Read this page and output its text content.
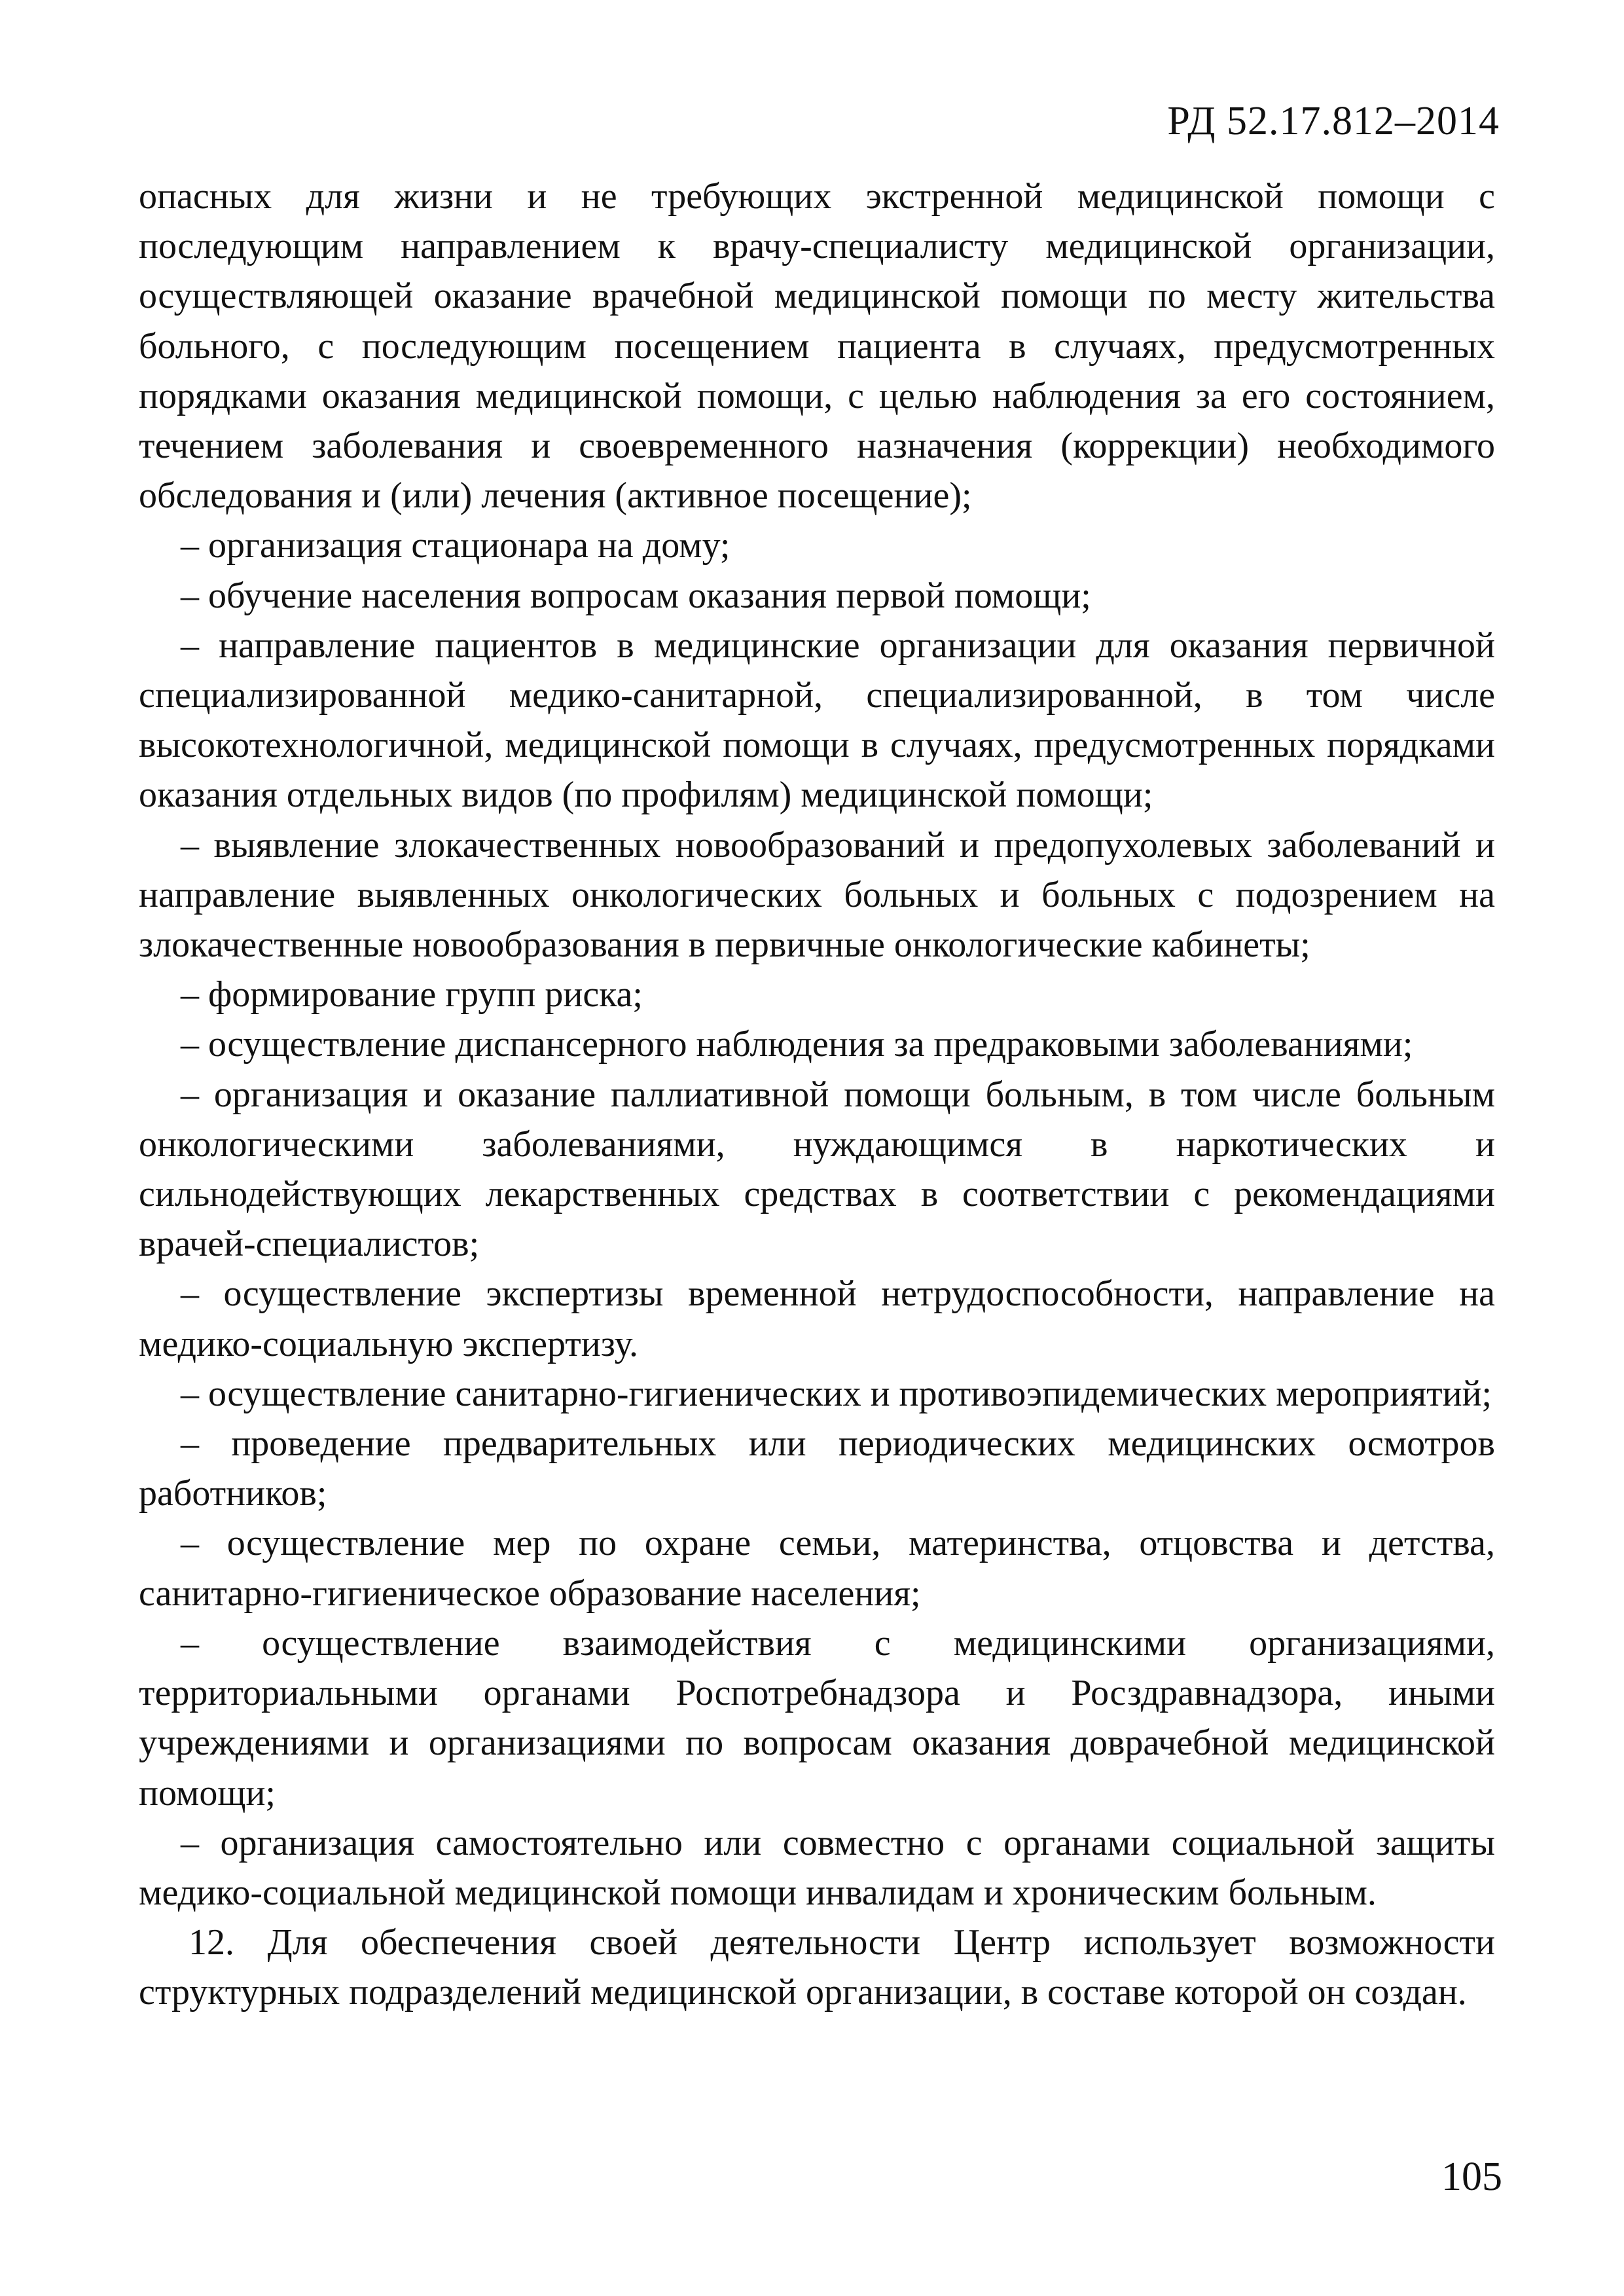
РД 52.17.812–2014

опасных для жизни и не требующих экстренной медицинской помощи с последующим направлением к врачу-специалисту медицинской организации, осуществляющей оказание врачебной медицинской помощи по месту жительства больного, с последующим посещением пациента в случаях, предусмотренных порядками оказания медицинской помощи, с целью наблюдения за его состоянием, течением заболевания и своевременного назначения (коррекции) необходимого обследования и (или) лечения (активное посещение);

– организация стационара на дому;

– обучение населения вопросам оказания первой помощи;

– направление пациентов в медицинские организации для оказания первичной специализированной медико-санитарной, специализированной, в том числе высокотехнологичной, медицинской помощи в случаях, предусмотренных порядками оказания отдельных видов (по профилям) медицинской помощи;

– выявление злокачественных новообразований и предопухолевых заболеваний и направление выявленных онкологических больных и больных с подозрением на злокачественные новообразования в первичные онкологические кабинеты;

– формирование групп риска;

– осуществление диспансерного наблюдения за предраковыми заболеваниями;

– организация и оказание паллиативной помощи больным, в том числе больным онкологическими заболеваниями, нуждающимся в наркотических и сильнодействующих лекарственных средствах в соответствии с рекомендациями врачей-специалистов;

– осуществление экспертизы временной нетрудоспособности, направление на медико-социальную экспертизу.

– осуществление санитарно-гигиенических и противоэпидемических мероприятий;

– проведение предварительных или периодических медицинских осмотров работников;

– осуществление мер по охране семьи, материнства, отцовства и детства, санитарно-гигиеническое образование населения;

– осуществление взаимодействия с медицинскими организациями, территориальными органами Роспотребнадзора и Росздравнадзора, иными учреждениями и организациями по вопросам оказания доврачебной медицинской помощи;

– организация самостоятельно или совместно с органами социальной защиты медико-социальной медицинской помощи инвалидам и хроническим больным.

12. Для обеспечения своей деятельности Центр использует возможности структурных подразделений медицинской организации, в составе которой он создан.

105
